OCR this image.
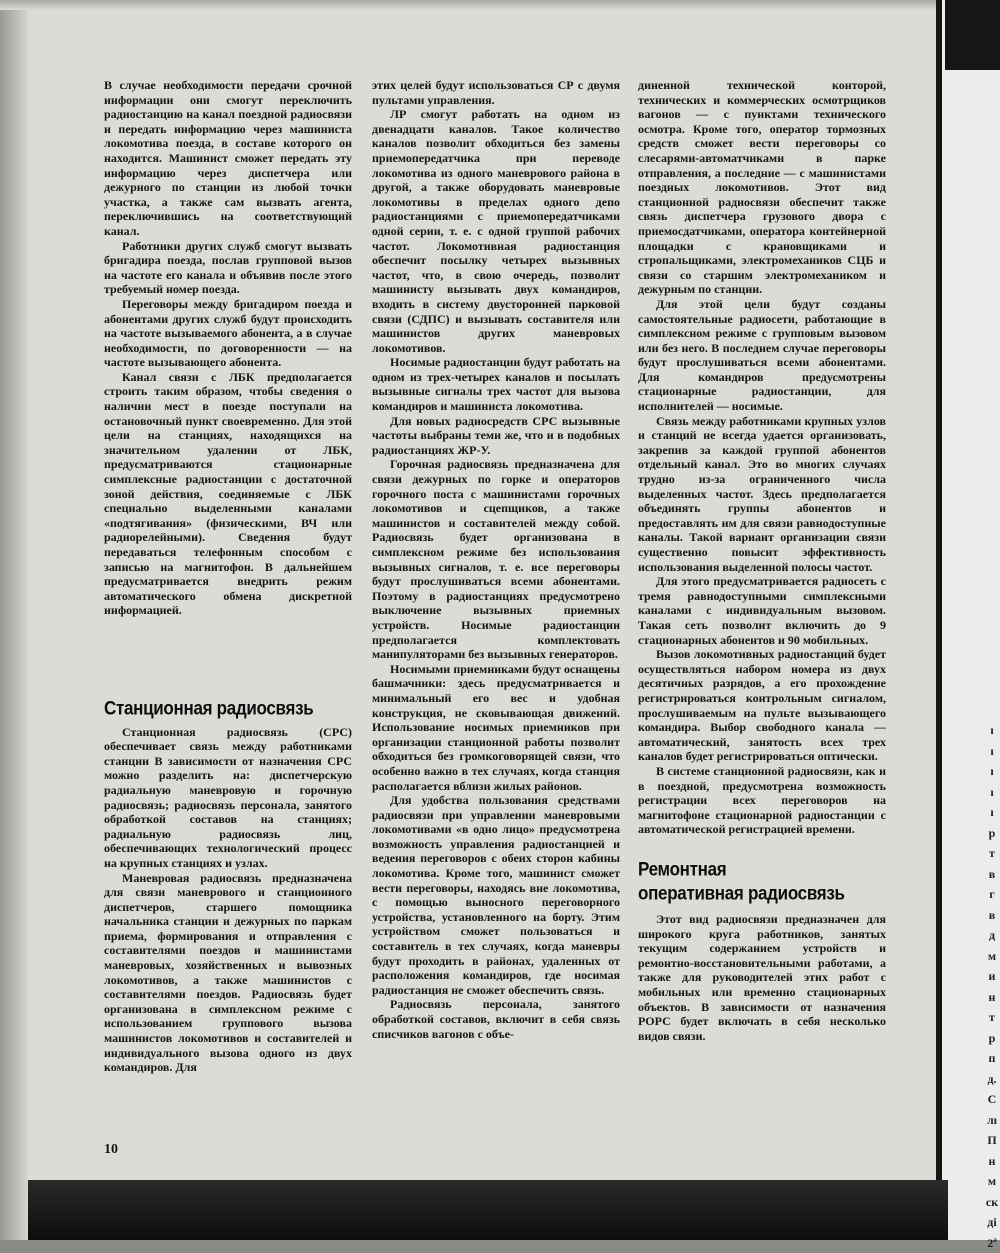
В случае необходимости передачи срочной информации они смогут переключить радиостанцию на канал поездной радиосвязи и передать информацию через машиниста локомотива поезда, в составе которого он находится. Машинист сможет передать эту информацию через диспетчера или дежурного по станции из любой точки участка, а также сам вызвать агента, переключившись на соответствующий канал.

Работники других служб смогут вызвать бригадира поезда, послав групповой вызов на частоте его канала и объявив после этого требуемый номер поезда.

Переговоры между бригадиром поезда и абонентами других служб будут происходить на частоте вызываемого абонента, а в случае необходимости, по договоренности — на частоте вызывающего абонента.

Канал связи с ЛБК предполагается строить таким образом, чтобы сведения о наличии мест в поезде поступали на остановочный пункт своевременно. Для этой цели на станциях, находящихся на значительном удалении от ЛБК, предусматриваются стационарные симплексные радиостанции с достаточной зоной действия, соединяемые с ЛБК специально выделенными каналами «подтягивания» (физическими, ВЧ или радиорелейными). Сведения будут передаваться телефонным способом с записью на магнитофон. В дальнейшем предусматривается внедрить режим автоматического обмена дискретной информацией.

Станционная радиосвязь

Станционная радиосвязь (СРС) обеспечивает связь между работниками станции В зависимости от назначения СРС можно разделить на: диспетчерскую радиальную маневровую и горочную радиосвязь; радиосвязь персонала, занятого обработкой составов на станциях; радиальную радиосвязь лиц, обеспечивающих технологический процесс на крупных станциях и узлах.

Маневровая радиосвязь предназначена для связи маневрового и станционного диспетчеров, старшего помощника начальника станции и дежурных по паркам приема, формирования и отправления с составителями поездов и машинистами маневровых, хозяйственных и вывозных локомотивов, а также машинистов с составителями поездов. Радиосвязь будет организована в симплексном режиме с использованием группового вызова машинистов локомотивов и составителей и индивидуального вызова одного из двух командиров. Для

этих целей будут использоваться СР с двумя пультами управления.

ЛР смогут работать на одном из двенадцати каналов. Такое количество каналов позволит обходиться без замены приемопередатчика при переводе локомотива из одного маневрового района в другой, а также оборудовать маневровые локомотивы в пределах одного депо радиостанциями с приемопередатчиками одной серии, т. е. с одной группой рабочих частот. Локомотивная радиостанция обеспечит посылку четырех вызывных частот, что, в свою очередь, позволит машинисту вызывать двух командиров, входить в систему двусторонней парковой связи (СДПС) и вызывать составителя или машинистов других маневровых локомотивов.

Носимые радиостанции будут работать на одном из трех-четырех каналов и посылать вызывные сигналы трех частот для вызова командиров и машиниста локомотива.

Для новых радиосредств СРС вызывные частоты выбраны теми же, что и в подобных радиостанциях ЖР-У.

Горочная радиосвязь предназначена для связи дежурных по горке и операторов горочного поста с машинистами горочных локомотивов и сцепщиков, а также машинистов и составителей между собой. Радиосвязь будет организована в симплексном режиме без использования вызывных сигналов, т. е. все переговоры будут прослушиваться всеми абонентами. Поэтому в радиостанциях предусмотрено выключение вызывных приемных устройств. Носимые радиостанции предполагается комплектовать манипуляторами без вызывных генераторов.

Носимыми приемниками будут оснащены башмачники: здесь предусматривается и минимальный его вес и удобная конструкция, не сковывающая движений. Использование носимых приемников при организации станционной работы позволит обходиться без громкоговорящей связи, что особенно важно в тех случаях, когда станция располагается вблизи жилых районов.

Для удобства пользования средствами радиосвязи при управлении маневровыми локомотивами «в одно лицо» предусмотрена возможность управления радиостанцией и ведения переговоров с обеих сторон кабины локомотива. Кроме того, машинист сможет вести переговоры, находясь вне локомотива, с помощью выносного переговорного устройства, установленного на борту. Этим устройством сможет пользоваться и составитель в тех случаях, когда маневры будут проходить в районах, удаленных от расположения командиров, где носимая радиостанция не сможет обеспечить связь.

Радиосвязь персонала, занятого обработкой составов, включит в себя связь списчиков вагонов с объе-

диненной технической конторой, технических и коммерческих осмотрщиков вагонов — с пунктами технического осмотра. Кроме того, оператор тормозных средств сможет вести переговоры со слесарями-автоматчиками в парке отправления, а последние — с машинистами поездных локомотивов. Этот вид станционной радиосвязи обеспечит также связь диспетчера грузового двора с приемосдатчиками, оператора контейнерной площадки с крановщиками и стропальщиками, электромехаников СЦБ и связи со старшим электромехаником и дежурным по станции.

Для этой цели будут созданы самостоятельные радиосети, работающие в симплексном режиме с групповым вызовом или без него. В последнем случае переговоры будут прослушиваться всеми абонентами. Для командиров предусмотрены стационарные радиостанции, для исполнителей — носимые.

Связь между работниками крупных узлов и станций не всегда удается организовать, закрепив за каждой группой абонентов отдельный канал. Это во многих случаях трудно из-за ограниченного числа выделенных частот. Здесь предполагается объединять группы абонентов и предоставлять им для связи равнодоступные каналы. Такой вариант организации связи существенно повысит эффективность использования выделенной полосы частот.

Для этого предусматривается радиосеть с тремя равнодоступными симплексными каналами с индивидуальным вызовом. Такая сеть позволит включить до 9 стационарных абонентов и 90 мобильных.

Вызов локомотивных радиостанций будет осуществляться набором номера из двух десятичных разрядов, а его прохождение регистрироваться контрольным сигналом, прослушиваемым на пульте вызывающего командира. Выбор свободного канала — автоматический, занятость всех трех каналов будет регистрироваться оптически.

В системе станционной радиосвязи, как и в поездной, предусмотрена возможность регистрации всех переговоров на магнитофоне стационарной радиостанции с автоматической регистрацией времени.

Ремонтная
оперативная радиосвязь

Этот вид радиосвязи предназначен для широкого круга работников, занятых текущим содержанием устройств и ремонтно-восстановительными работами, а также для руководителей этих работ с мобильных или временно стационарных объектов. В зависимости от назначения РОРС будет включать в себя несколько видов связи.

10
ı
ı
ı
ı
ı
р
т
в
г
в
д
м
и
н
т
р
п
д.
С
лı
П
н
м
ск
ді
2ª
